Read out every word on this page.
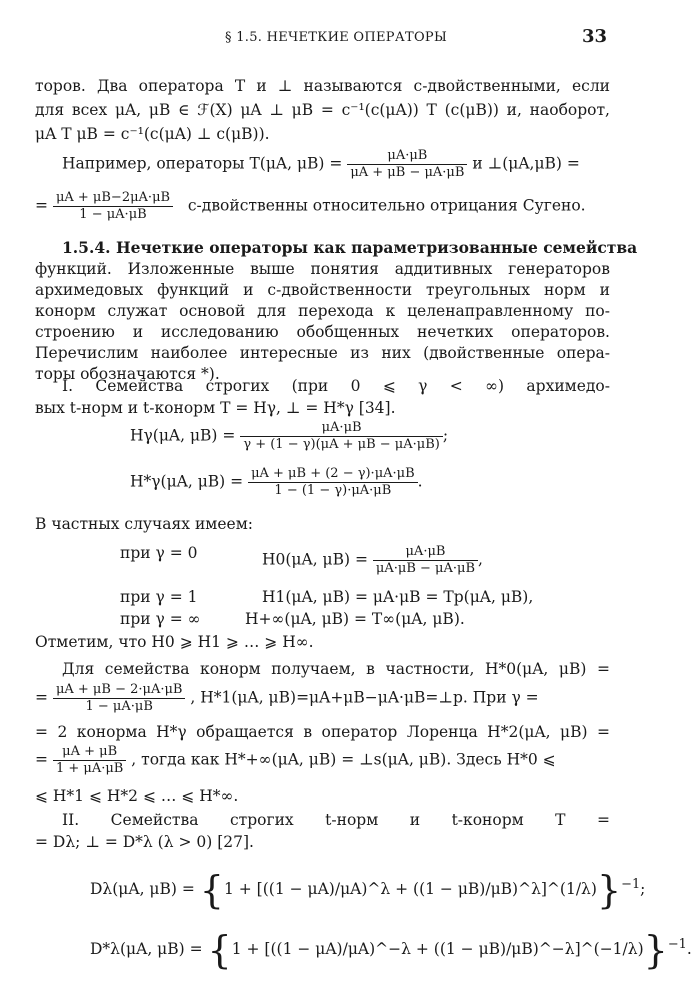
§ 1.5. НЕЧЕТКИЕ ОПЕРАТОРЫ	33
торов. Два оператора T и ⊥ называются c-двойственными, если
для всех μA, μB ∈ ℱ(X) μA ⊥ μB = c⁻¹(c(μA)) T (c(μB)) и, наоборот,
μA T μB = c⁻¹(c(μA) ⊥ c(μB)).
Например, операторы T(μA, $\mu B) = \frac{\mu A\cdot\mu B}{\mu A + \mu B - \mu A\cdot\mu B}$ и ⊥(μA,μB) =
= $\frac{\mu A + \mu B-2\mu A\cdot\mu B}{1 - \mu A\cdot\mu B}$ c-двойственны относительно отрицания Сугено.
1.5.4. Нечеткие операторы как параметризованные семейства
функций. Изложенные выше понятия аддитивных генераторов
архимедовых функций и c-двойственности треугольных норм и
конорм служат основой для перехода к целенаправленному по-
строению и исследованию обобщенных нечетких операторов.
Перечислим наиболее интересные из них (двойственные опера-
торы обозначаются *).
I. Семейства строгих (при 0 ⩽ γ < ∞) архимедо-
вых t-норм и t-конорм T = Hγ, ⊥ = H*γ [34].
Hγ(μA, $\mu B) = \frac{\mu A\cdot\mu B}{\gamma + (1 - \gamma)(\mu A + \mu B - \mu A\cdot\mu B)}$ ;
H*γ(μA, $\mu B) = \frac{\mu A + \mu B + (2 - \gamma)\cdot\mu A\cdot\mu B}{1 - (1 - \gamma)\cdot\mu A\cdot\mu B}$ .
В частных случаях имеем:
при γ = 0	H0(μA, $\mu B) = \frac{\mu A\cdot\mu B}{\mu A\cdot\mu B - \mu A\cdot\mu B}$ ,
при γ = 1	H1(μA, μB) = μA·μB = Tp(μA, μB),
при γ = ∞	H+∞(μA, μB) = T∞(μA, μB).
Отметим, что H0 ⩾ H1 ⩾ … ⩾ H∞.
Для семейства конорм получаем, в частности, H*0(μA, μB) =
= $\frac{\mu A + \mu B - 2\cdot\mu A\cdot\mu B}{1 - \mu A\cdot\mu B}$ , H*1(μA, μB)=μA+μB−μA·μB=⊥p. При γ =
= 2 конорма H*γ обращается в оператор Лоренца H*2(μA, μB) =
= $\frac{\mu A + \mu B}{1 + \mu A\cdot\mu B}$ , тогда как H*+∞(μA, μB) = ⊥s(μA, μB). Здесь H*0 ⩽
⩽ H*1 ⩽ H*2 ⩽ … ⩽ H*∞.
II. Семейства строгих t-норм и t-конорм T =
= Dλ; ⊥ = D*λ (λ > 0) [27].
Dλ(μA, μB) = {1 + [((1 − μA)/μA)^λ + ((1 − μB)/μB)^λ]^(1/λ)}$^{-1}$;
D*λ(μA, μB) = {1 + [((1 − μA)/μA)^−λ + ((1 − μB)/μB)^−λ]^(−1/λ)}$^{-1}$.
